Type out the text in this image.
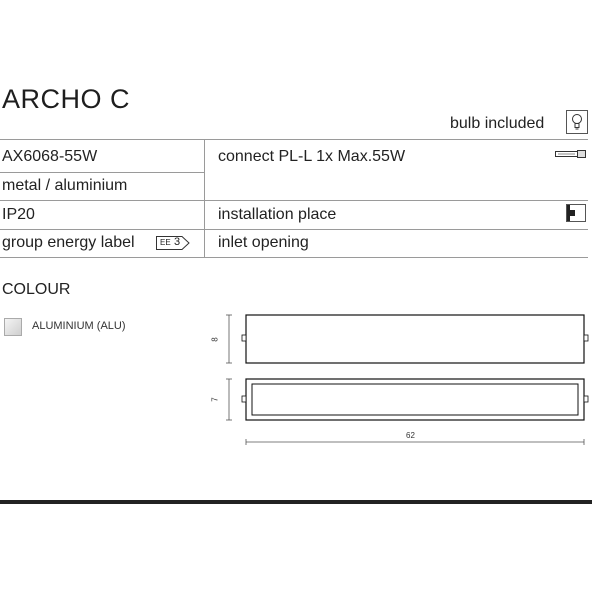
ARCHO C
bulb included
AX6068-55W
metal / aluminium
IP20
group energy label	EE 3
connect PL-L 1x Max.55W
installation place
inlet opening
COLOUR
ALUMINIUM (ALU)
8
7
62
